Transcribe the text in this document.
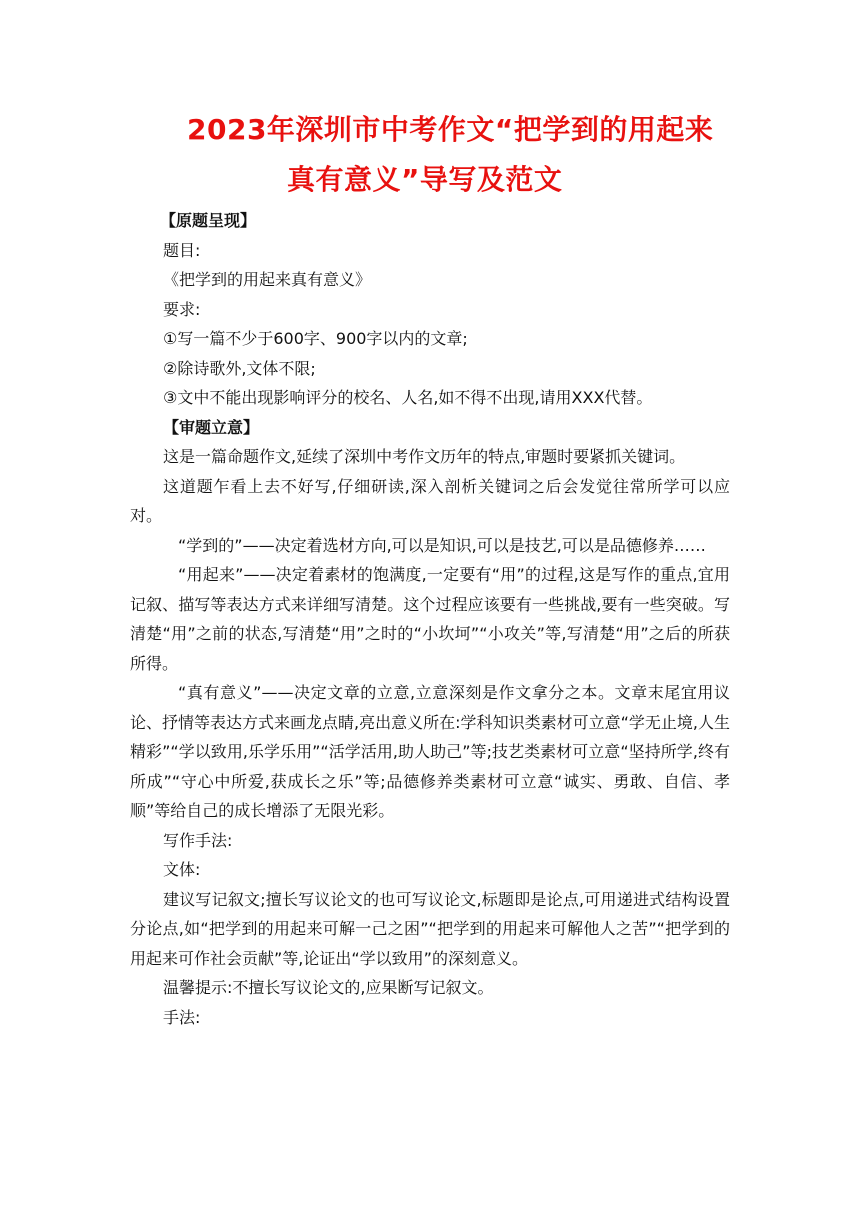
2023年深圳市中考作文“把学到的用起来
真有意义”导写及范文

【原题呈现】

题目:

《把学到的用起来真有意义》

要求:

①写一篇不少于600字、900字以内的文章;

②除诗歌外,文体不限;

③文中不能出现影响评分的校名、人名,如不得不出现,请用XXX代替。

【审题立意】

这是一篇命题作文,延续了深圳中考作文历年的特点,审题时要紧抓关键词。

这道题乍看上去不好写,仔细研读,深入剖析关键词之后会发觉往常所学可以应对。

“学到的”——决定着选材方向,可以是知识,可以是技艺,可以是品德修养……

“用起来”——决定着素材的饱满度,一定要有“用”的过程,这是写作的重点,宜用记叙、描写等表达方式来详细写清楚。这个过程应该要有一些挑战,要有一些突破。写清楚“用”之前的状态,写清楚“用”之时的“小坎坷”“小攻关”等,写清楚“用”之后的所获所得。

“真有意义”——决定文章的立意,立意深刻是作文拿分之本。文章末尾宜用议论、抒情等表达方式来画龙点睛,亮出意义所在:学科知识类素材可立意“学无止境,人生精彩”“学以致用,乐学乐用”“活学活用,助人助己”等;技艺类素材可立意“坚持所学,终有所成”“守心中所爱,获成长之乐”等;品德修养类素材可立意“诚实、勇敢、自信、孝顺”等给自己的成长增添了无限光彩。

写作手法:

文体:

建议写记叙文;擅长写议论文的也可写议论文,标题即是论点,可用递进式结构设置分论点,如“把学到的用起来可解一己之困”“把学到的用起来可解他人之苦”“把学到的用起来可作社会贡献”等,论证出“学以致用”的深刻意义。

温馨提示:不擅长写议论文的,应果断写记叙文。

手法:
